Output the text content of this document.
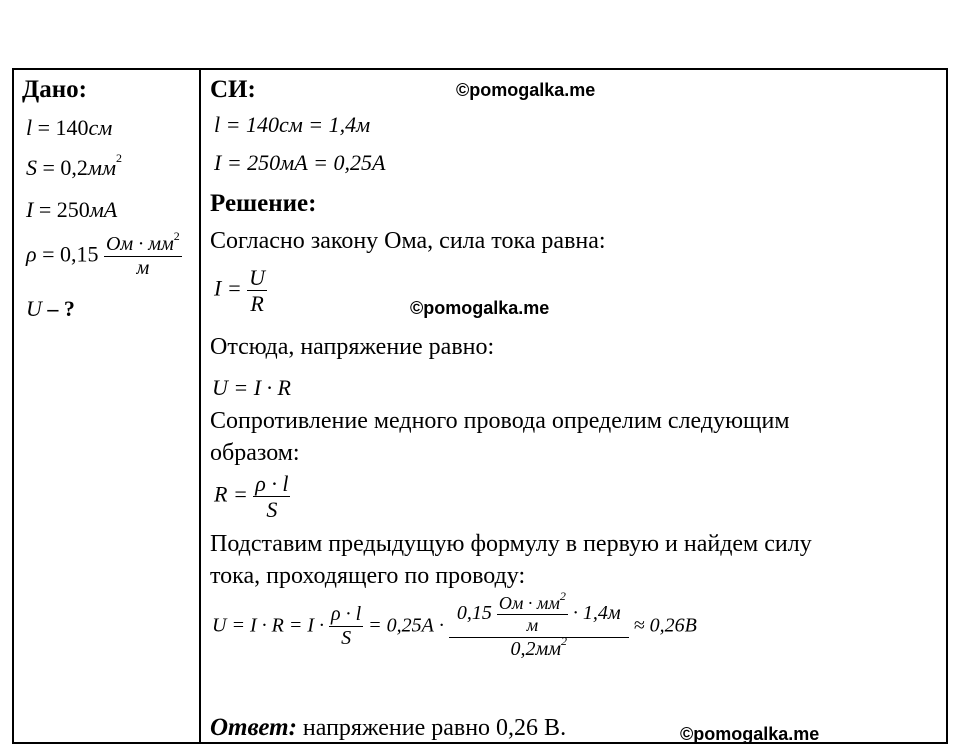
Дано:
l = 140см
$S = 0,2мм^2$
I = 250мА
$\rho = 0,15 \frac{Ом \cdot мм^2}{м}$
U – ?
СИ:	©pomogalka.me
l = 140см = 1,4м
I = 250мА = 0,25А
Решение:
Согласно закону Ома, сила тока равна:
$I = \frac{U}{R}$	©pomogalka.me
Отсюда, напряжение равно:
U = I · R
Сопротивление медного провода определим следующим
образом:
$R = \frac{\rho \cdot l}{S}$
Подставим предыдущую формулу в первую и найдем силу
тока, проходящего по проводу:
$U = I \cdot R = I \cdot \frac{\rho \cdot l}{S} = 0,25А \cdot \frac{0,15 \frac{Ом \cdot мм^2}{м} \cdot 1,4м}{0,2мм^2} \approx 0,26В$
Ответ: напряжение равно 0,26 В.	©pomogalka.me
